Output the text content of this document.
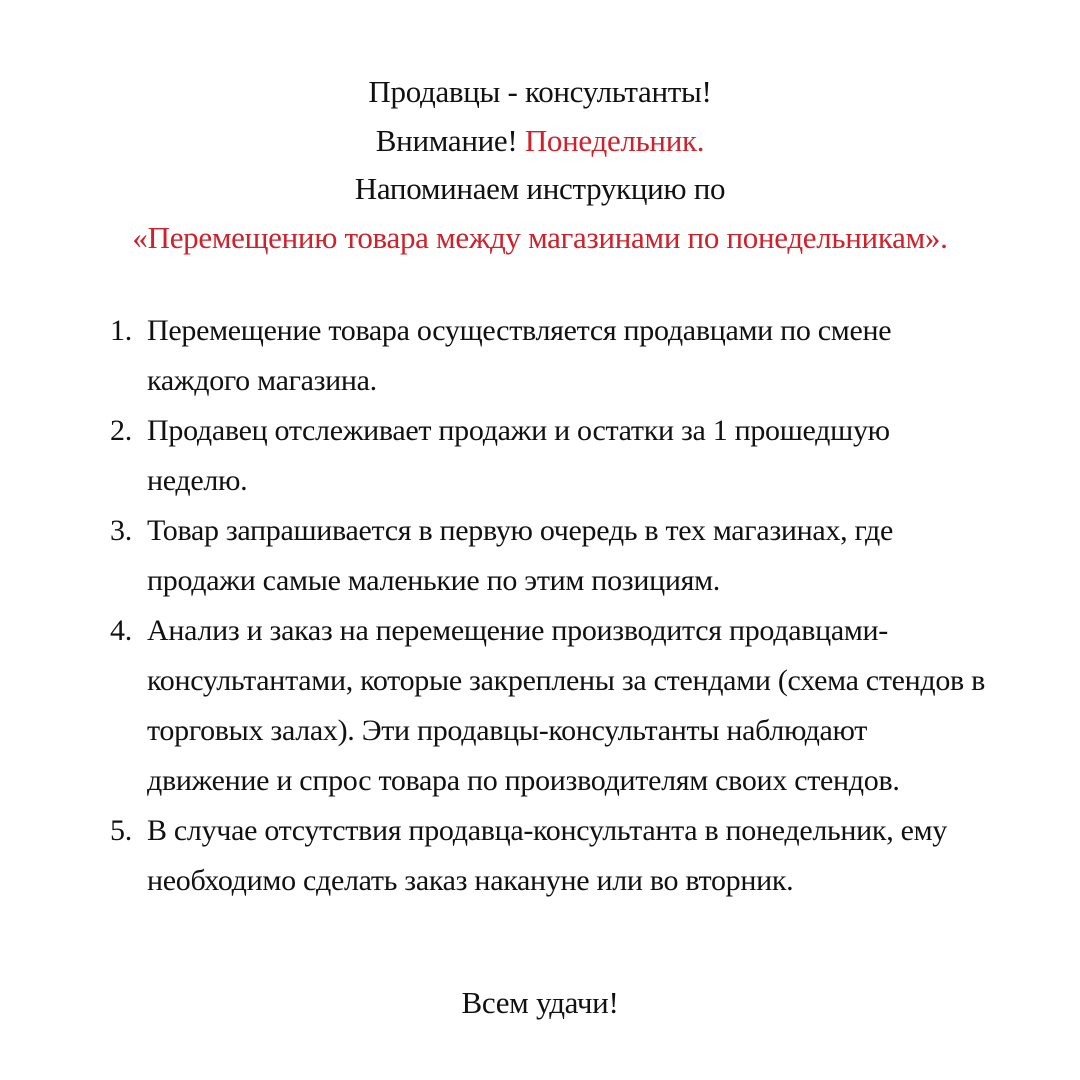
Продавцы - консультанты!
Внимание! Понедельник.
Напоминаем инструкцию по
«Перемещению товара между магазинами по понедельникам».
1. Перемещение товара осуществляется продавцами по смене каждого магазина.
2. Продавец отслеживает продажи и остатки за 1 прошедшую неделю.
3. Товар запрашивается в первую очередь в тех магазинах, где продажи самые маленькие по этим позициям.
4. Анализ и заказ на перемещение производится продавцами-консультантами, которые закреплены за стендами (схема стендов в торговых залах). Эти продавцы-консультанты наблюдают движение и спрос товара по производителям своих стендов.
5. В случае отсутствия продавца-консультанта в понедельник, ему необходимо сделать заказ накануне или во вторник.
Всем удачи!
